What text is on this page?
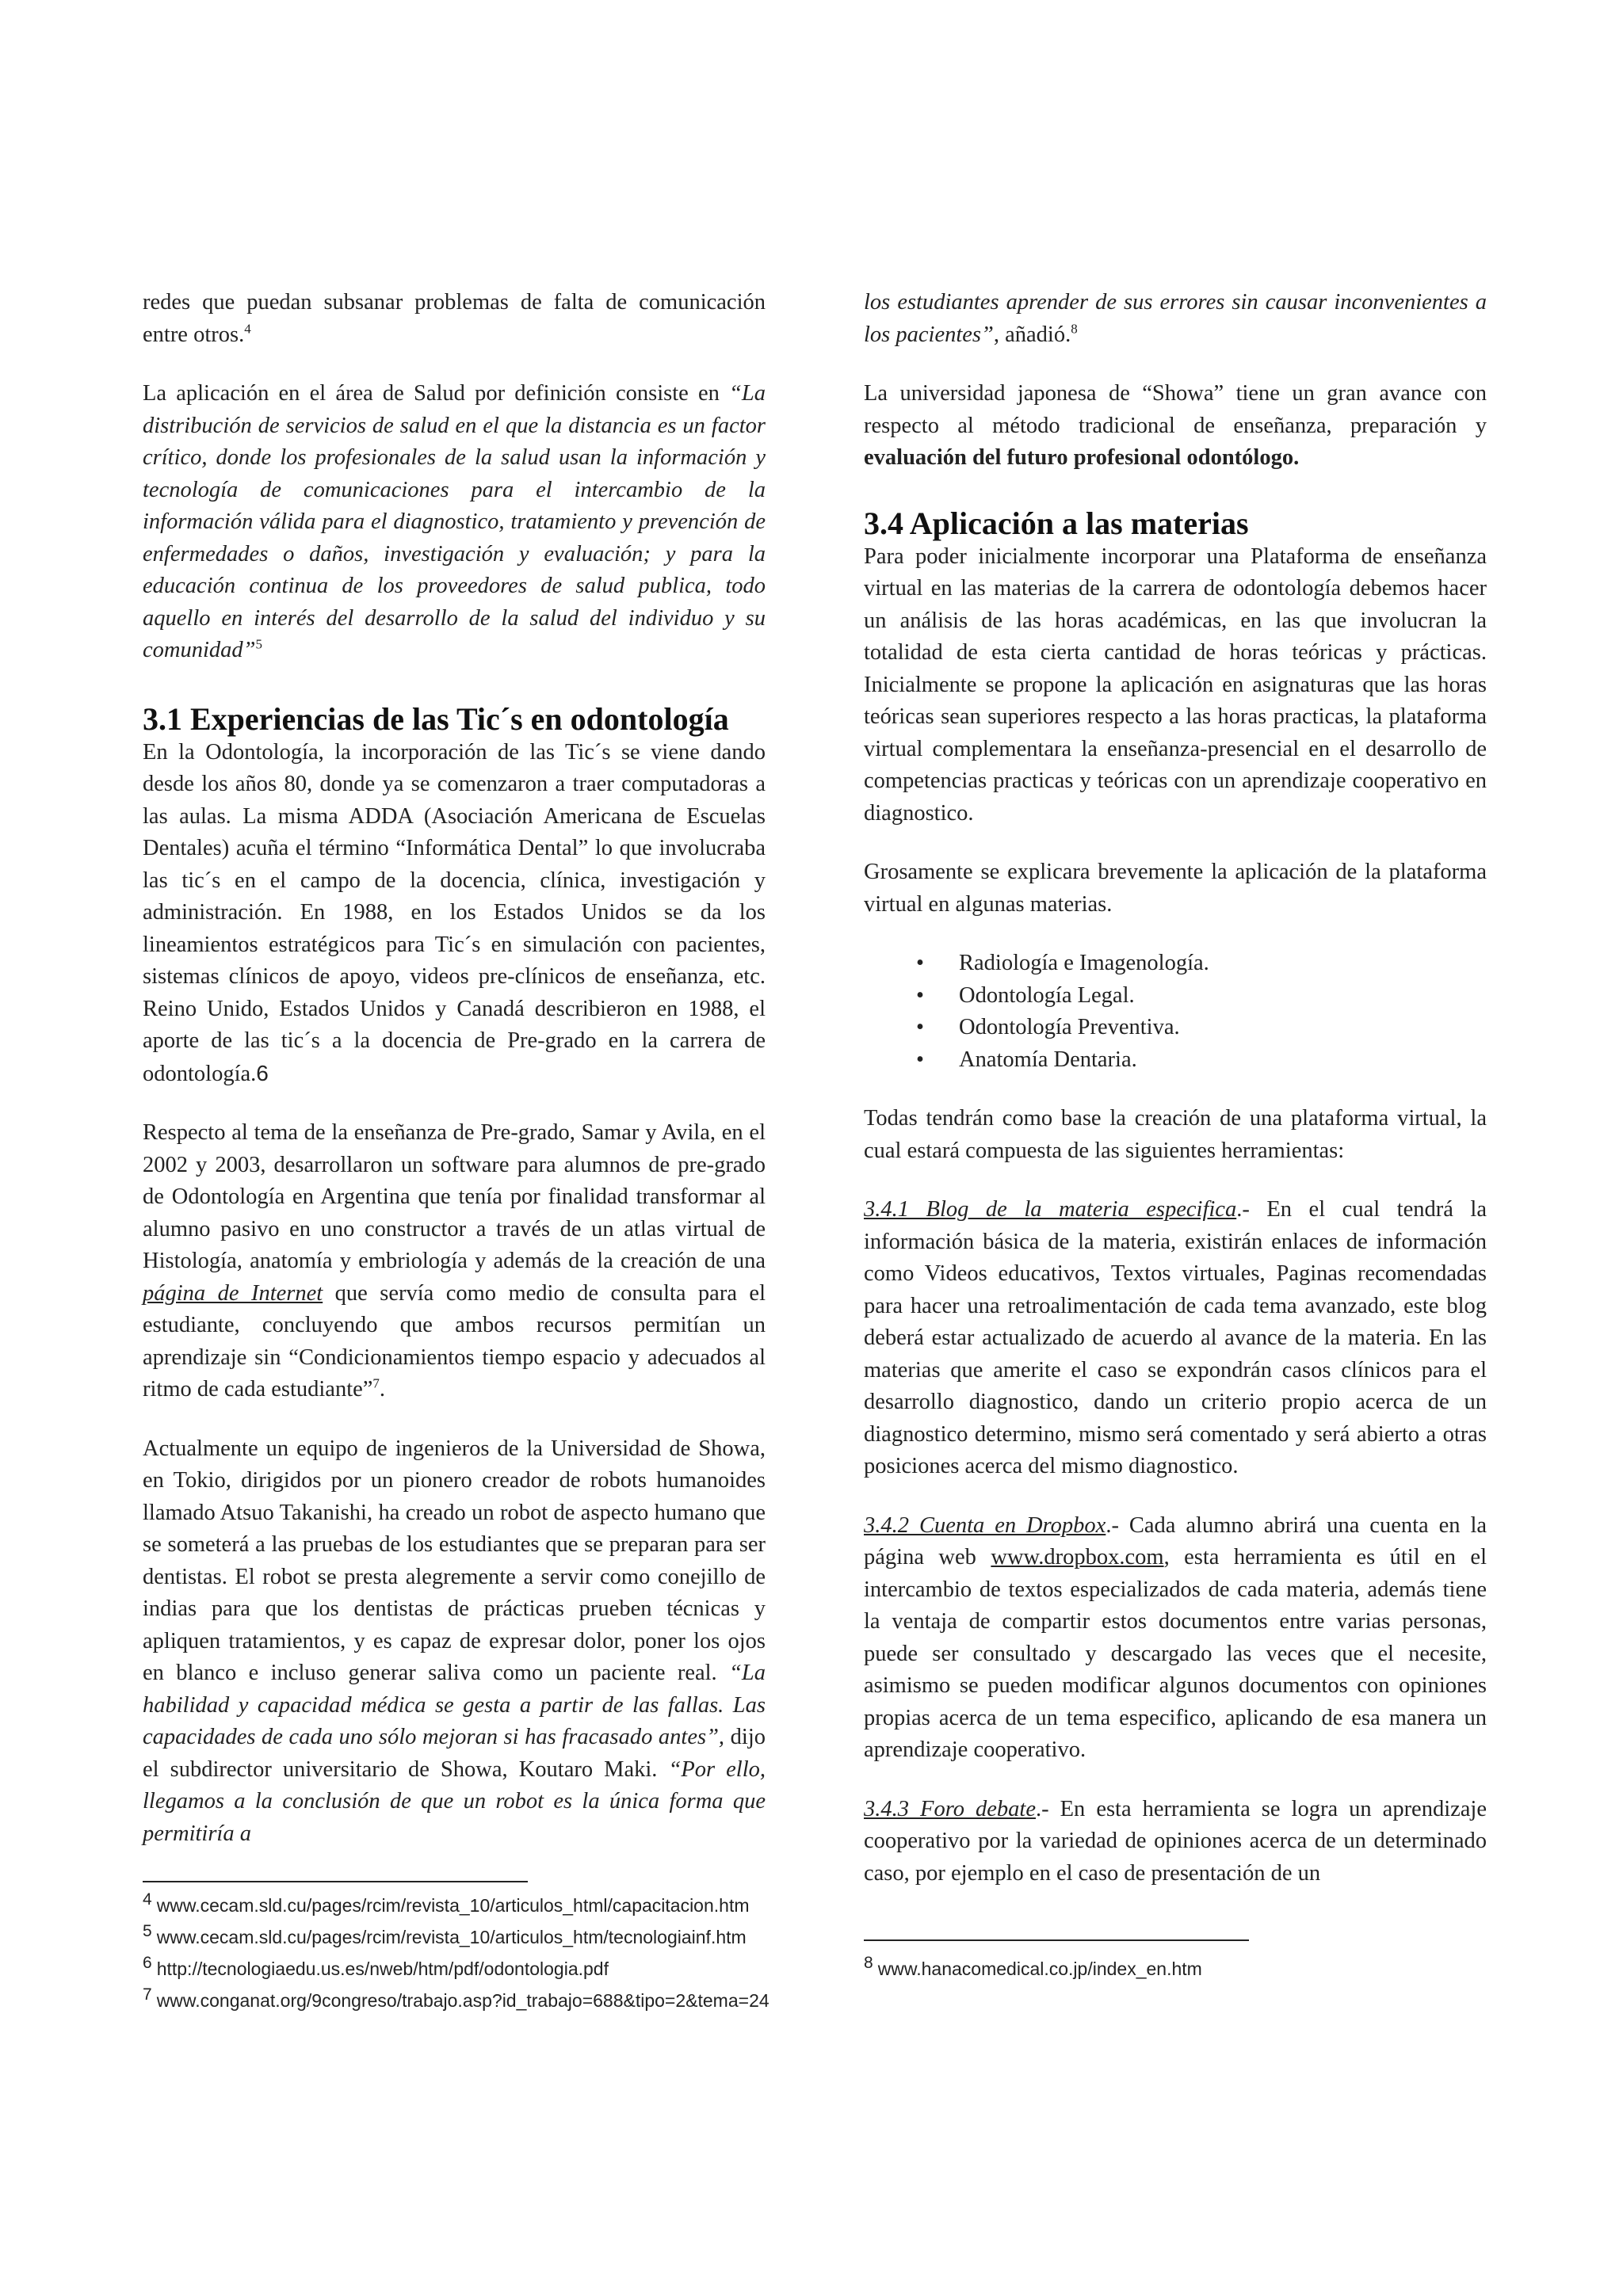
redes que puedan subsanar problemas de falta de comunicación entre otros.$^4$

La aplicación en el área de Salud por definición consiste en “La distribución de servicios de salud en el que la distancia es un factor crítico, donde los profesionales de la salud usan la información y tecnología de comunicaciones para el intercambio de la información válida para el diagnostico, tratamiento y prevención de enfermedades o daños, investigación y evaluación; y para la educación continua de los proveedores de salud publica, todo aquello en interés del desarrollo de la salud del individuo y su comunidad”$^5$

3.1 Experiencias de las Tic´s en odontología

En la Odontología, la incorporación de las Tic´s se viene dando desde los años 80, donde ya se comenzaron a traer computadoras a las aulas. La misma ADDA (Asociación Americana de Escuelas Dentales) acuña el término “Informática Dental” lo que involucraba las tic´s en el campo de la docencia, clínica, investigación y administración. En 1988, en los Estados Unidos se da los lineamientos estratégicos para Tic´s en simulación con pacientes, sistemas clínicos de apoyo, videos pre-clínicos de enseñanza, etc. Reino Unido, Estados Unidos y Canadá describieron en 1988, el aporte de las tic´s a la docencia de Pre-grado en la carrera de odontología.6

Respecto al tema de la enseñanza de Pre-grado, Samar y Avila, en el 2002 y 2003, desarrollaron un software para alumnos de pre-grado de Odontología en Argentina que tenía por finalidad transformar al alumno pasivo en uno constructor a través de un atlas virtual de Histología, anatomía y embriología y además de la creación de una página de Internet que servía como medio de consulta para el estudiante, concluyendo que ambos recursos permitían un aprendizaje sin “Condicionamientos tiempo espacio y adecuados al ritmo de cada estudiante”$^7$.

Actualmente un equipo de ingenieros de la Universidad de Showa, en Tokio, dirigidos por un pionero creador de robots humanoides llamado Atsuo Takanishi, ha creado un robot de aspecto humano que se someterá a las pruebas de los estudiantes que se preparan para ser dentistas. El robot se presta alegremente a servir como conejillo de indias para que los dentistas de prácticas prueben técnicas y apliquen tratamientos, y es capaz de expresar dolor, poner los ojos en blanco e incluso generar saliva como un paciente real. “La habilidad y capacidad médica se gesta a partir de las fallas. Las capacidades de cada uno sólo mejoran si has fracasado antes”, dijo el subdirector universitario de Showa, Koutaro Maki. “Por ello, llegamos a la conclusión de que un robot es la única forma que permitiría a

4 www.cecam.sld.cu/pages/rcim/revista_10/articulos_html/capacitacion.htm
5 www.cecam.sld.cu/pages/rcim/revista_10/articulos_htm/tecnologiainf.htm
6 http://tecnologiaedu.us.es/nweb/htm/pdf/odontologia.pdf
7 www.conganat.org/9congreso/trabajo.asp?id_trabajo=688&tipo=2&tema=24

los estudiantes aprender de sus errores sin causar inconvenientes a los pacientes”, añadió.$^8$

La universidad japonesa de “Showa” tiene un gran avance con respecto al método tradicional de enseñanza, preparación y evaluación del futuro profesional odontólogo.

3.4 Aplicación a las materias

Para poder inicialmente incorporar una Plataforma de enseñanza virtual en las materias de la carrera de odontología debemos hacer un análisis de las horas académicas, en las que involucran la totalidad de esta cierta cantidad de horas teóricas y prácticas. Inicialmente se propone la aplicación en asignaturas que las horas teóricas sean superiores respecto a las horas practicas, la plataforma virtual complementara la enseñanza-presencial en el desarrollo de competencias practicas y teóricas con un aprendizaje cooperativo en diagnostico.

Grosamente se explicara brevemente la aplicación de la plataforma virtual en algunas materias.

• Radiología e Imagenología.
• Odontología Legal.
• Odontología Preventiva.
• Anatomía Dentaria.

Todas tendrán como base la creación de una plataforma virtual, la cual estará compuesta de las siguientes herramientas:

3.4.1 Blog de la materia especifica.- En el cual tendrá la información básica de la materia, existirán enlaces de información como Videos educativos, Textos virtuales, Paginas recomendadas para hacer una retroalimentación de cada tema avanzado, este blog deberá estar actualizado de acuerdo al avance de la materia. En las materias que amerite el caso se expondrán casos clínicos para el desarrollo diagnostico, dando un criterio propio acerca de un diagnostico determino, mismo será comentado y será abierto a otras posiciones acerca del mismo diagnostico.

3.4.2 Cuenta en Dropbox.- Cada alumno abrirá una cuenta en la página web www.dropbox.com, esta herramienta es útil en el intercambio de textos especializados de cada materia, además tiene la ventaja de compartir estos documentos entre varias personas, puede ser consultado y descargado las veces que el necesite, asimismo se pueden modificar algunos documentos con opiniones propias acerca de un tema especifico, aplicando de esa manera un aprendizaje cooperativo.

3.4.3 Foro debate.- En esta herramienta se logra un aprendizaje cooperativo por la variedad de opiniones acerca de un determinado caso, por ejemplo en el caso de presentación de un

8 www.hanacomedical.co.jp/index_en.htm
